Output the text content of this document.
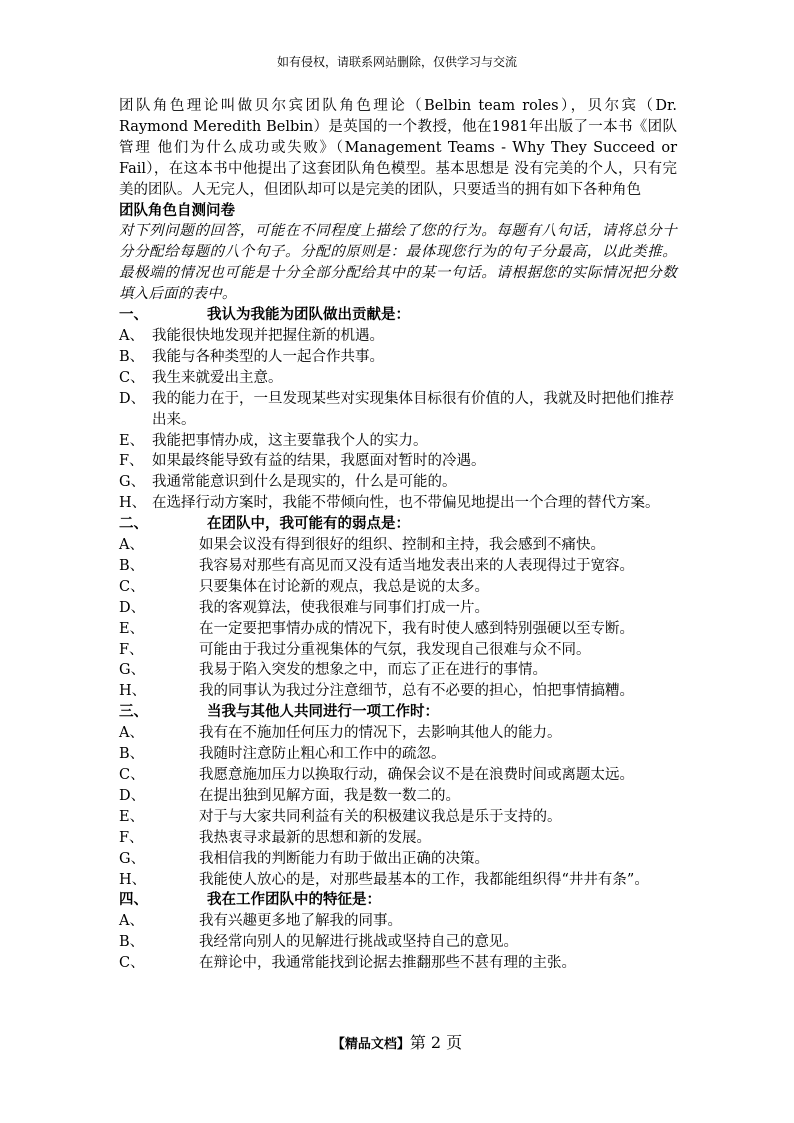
如有侵权，请联系网站删除，仅供学习与交流

团队角色理论叫做贝尔宾团队角色理论（Belbin team roles），贝尔宾（Dr. Raymond Meredith Belbin）是英国的一个教授，他在1981年出版了一本书《团队管理 他们为什么成功或失败》（Management Teams - Why They Succeed or Fail），在这本书中他提出了这套团队角色模型。基本思想是 没有完美的个人，只有完美的团队。人无完人，但团队却可以是完美的团队，只要适当的拥有如下各种角色

团队角色自测问卷

对下列问题的回答，可能在不同程度上描绘了您的行为。每题有八句话，请将总分十分分配给每题的八个句子。分配的原则是：最体现您行为的句子分最高，以此类推。最极端的情况也可能是十分全部分配给其中的某一句话。请根据您的实际情况把分数填入后面的表中。

一、	我认为我能为团队做出贡献是：
A、 我能很快地发现并把握住新的机遇。
B、 我能与各种类型的人一起合作共事。
C、 我生来就爱出主意。
D、 我的能力在于，一旦发现某些对实现集体目标很有价值的人，我就及时把他们推荐出来。
E、 我能把事情办成，这主要靠我个人的实力。
F、 如果最终能导致有益的结果，我愿面对暂时的冷遇。
G、 我通常能意识到什么是现实的，什么是可能的。
H、 在选择行动方案时，我能不带倾向性，也不带偏见地提出一个合理的替代方案。
二、	在团队中，我可能有的弱点是：
A、	如果会议没有得到很好的组织、控制和主持，我会感到不痛快。
B、	我容易对那些有高见而又没有适当地发表出来的人表现得过于宽容。
C、	只要集体在讨论新的观点，我总是说的太多。
D、	我的客观算法，使我很难与同事们打成一片。
E、	在一定要把事情办成的情况下，我有时使人感到特别强硬以至专断。
F、	可能由于我过分重视集体的气氛，我发现自己很难与众不同。
G、	我易于陷入突发的想象之中，而忘了正在进行的事情。
H、	我的同事认为我过分注意细节，总有不必要的担心，怕把事情搞糟。
三、	当我与其他人共同进行一项工作时：
A、	我有在不施加任何压力的情况下，去影响其他人的能力。
B、	我随时注意防止粗心和工作中的疏忽。
C、	我愿意施加压力以换取行动，确保会议不是在浪费时间或离题太远。
D、	在提出独到见解方面，我是数一数二的。
E、	对于与大家共同利益有关的积极建议我总是乐于支持的。
F、	我热衷寻求最新的思想和新的发展。
G、	我相信我的判断能力有助于做出正确的决策。
H、	我能使人放心的是，对那些最基本的工作，我都能组织得“井井有条”。
四、	我在工作团队中的特征是：
A、	我有兴趣更多地了解我的同事。
B、	我经常向别人的见解进行挑战或坚持自己的意见。
C、	在辩论中，我通常能找到论据去推翻那些不甚有理的主张。
【精品文档】第 2 页
